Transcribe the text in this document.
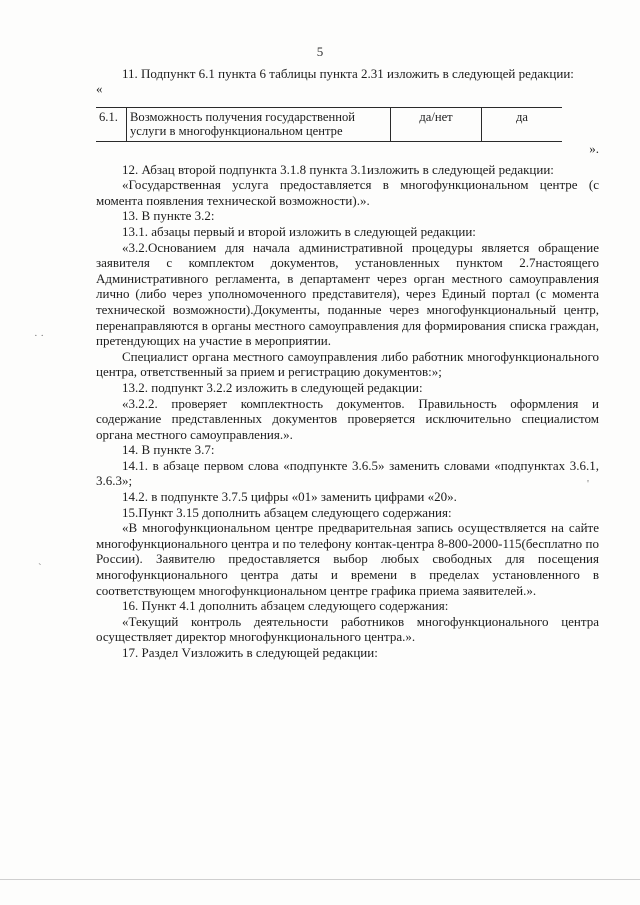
5

11. Подпункт 6.1 пункта 6 таблицы пункта 2.31 изложить в следующей редакции:

«

6.1.	Возможность получения государственной услуги в многофункциональном центре	да/нет	да

».

12. Абзац второй подпункта 3.1.8 пункта 3.1изложить в следующей редакции:

«Государственная услуга предоставляется в многофункциональном центре (с момента появления технической возможности).».

13. В пункте 3.2:

13.1. абзацы первый и второй изложить в следующей редакции:

«3.2.Основанием для начала административной процедуры является обращение заявителя с комплектом документов, установленных пунктом 2.7настоящего Административного регламента, в департамент через орган местного самоуправления лично (либо через уполномоченного представителя), через Единый портал (с момента технической возможности).Документы, поданные через многофункциональный центр, перенаправляются в органы местного самоуправления для формирования списка граждан, претендующих на участие в мероприятии.

Специалист органа местного самоуправления либо работник многофункционального центра, ответственный за прием и регистрацию документов:»;

13.2. подпункт 3.2.2 изложить в следующей редакции:

«3.2.2. проверяет комплектность документов. Правильность оформления и содержание представленных документов проверяется исключительно специалистом органа местного самоуправления.».

14. В пункте 3.7:

14.1. в абзаце первом слова «подпункте 3.6.5» заменить словами «подпунктах 3.6.1, 3.6.3»;

14.2. в подпункте 3.7.5 цифры «01» заменить цифрами «20».

15.Пункт 3.15 дополнить абзацем следующего содержания:

«В многофункциональном центре предварительная запись осуществляется на сайте многофункционального центра и по телефону контак-центра 8-800-2000-115(бесплатно по России). Заявителю предоставляется выбор любых свободных для посещения многофункционального центра даты и времени в пределах установленного в соответствующем многофункциональном центре графика приема заявителей.».

16. Пункт 4.1 дополнить абзацем следующего содержания:

«Текущий контроль деятельности работников многофункционального центра осуществляет директор многофункционального центра.».

17. Раздел Vизложить в следующей редакции:

· ·
`
'
